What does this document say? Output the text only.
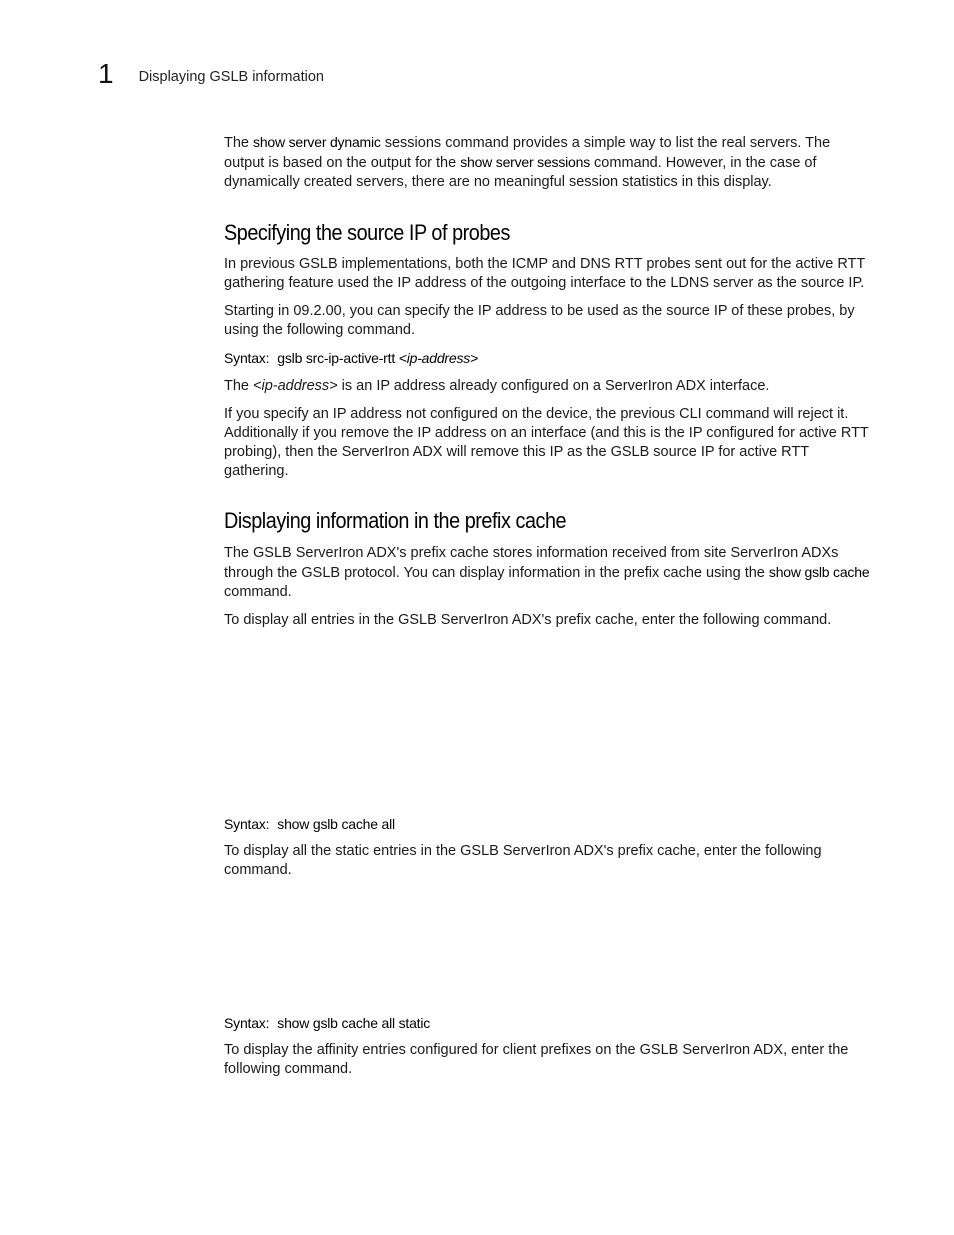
1 Displaying GSLB information

The show server dynamic sessions command provides a simple way to list the real servers. The output is based on the output for the show server sessions command. However, in the case of dynamically created servers, there are no meaningful session statistics in this display.

Specifying the source IP of probes

In previous GSLB implementations, both the ICMP and DNS RTT probes sent out for the active RTT gathering feature used the IP address of the outgoing interface to the LDNS server as the source IP.

Starting in 09.2.00, you can specify the IP address to be used as the source IP of these probes, by using the following command.

Syntax: gslb src-ip-active-rtt <ip-address>

The <ip-address> is an IP address already configured on a ServerIron ADX interface.

If you specify an IP address not configured on the device, the previous CLI command will reject it. Additionally if you remove the IP address on an interface (and this is the IP configured for active RTT probing), then the ServerIron ADX will remove this IP as the GSLB source IP for active RTT gathering.

Displaying information in the prefix cache

The GSLB ServerIron ADX's prefix cache stores information received from site ServerIron ADXs through the GSLB protocol. You can display information in the prefix cache using the show gslb cache command.

To display all entries in the GSLB ServerIron ADX's prefix cache, enter the following command.

Syntax: show gslb cache all

To display all the static entries in the GSLB ServerIron ADX's prefix cache, enter the following command.

Syntax: show gslb cache all static

To display the affinity entries configured for client prefixes on the GSLB ServerIron ADX, enter the following command.
